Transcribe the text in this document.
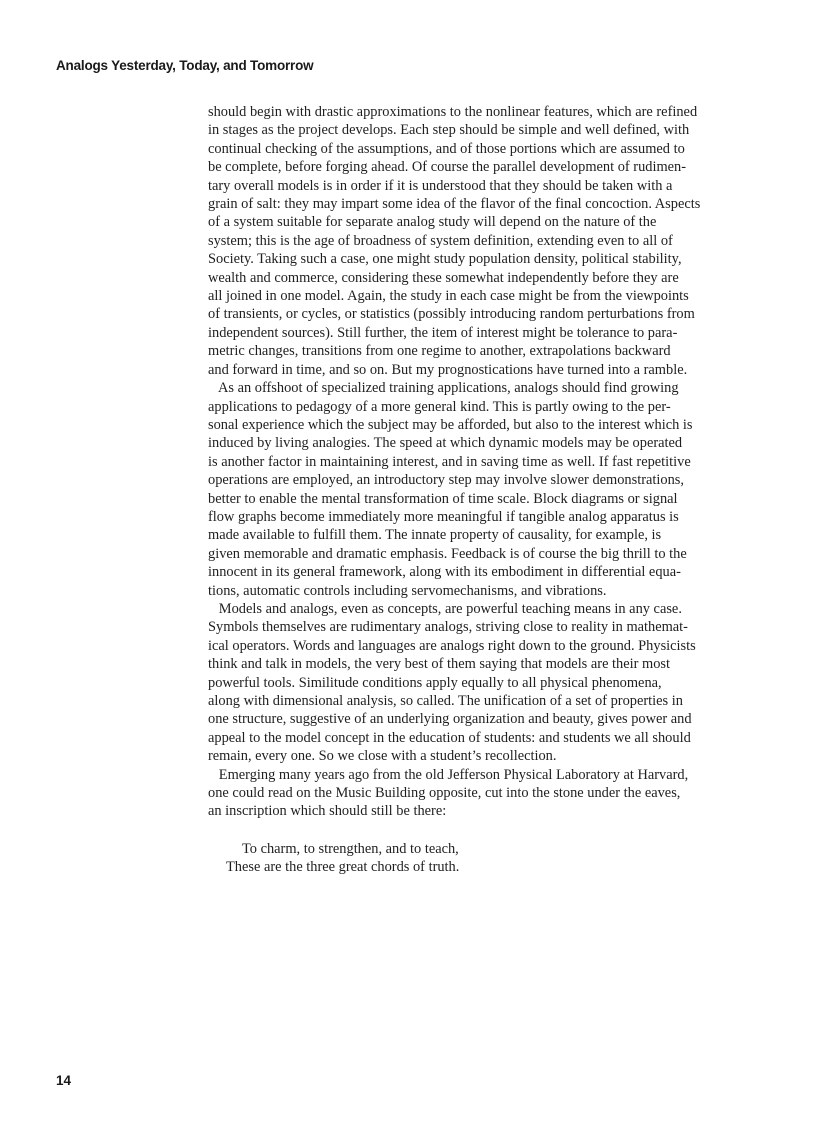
Analogs Yesterday, Today, and Tomorrow
should begin with drastic approximations to the nonlinear features, which are refined
in stages as the project develops. Each step should be simple and well defined, with
continual checking of the assumptions, and of those portions which are assumed to
be complete, before forging ahead. Of course the parallel development of rudimen-
tary overall models is in order if it is understood that they should be taken with a
grain of salt: they may impart some idea of the flavor of the final concoction. Aspects
of a system suitable for separate analog study will depend on the nature of the
system; this is the age of broadness of system definition, extending even to all of
Society. Taking such a case, one might study population density, political stability,
wealth and commerce, considering these somewhat independently before they are
all joined in one model. Again, the study in each case might be from the viewpoints
of transients, or cycles, or statistics (possibly introducing random perturbations from
independent sources). Still further, the item of interest might be tolerance to para-
metric changes, transitions from one regime to another, extrapolations backward
and forward in time, and so on. But my prognostications have turned into a ramble.
As an offshoot of specialized training applications, analogs should find growing
applications to pedagogy of a more general kind. This is partly owing to the per-
sonal experience which the subject may be afforded, but also to the interest which is
induced by living analogies. The speed at which dynamic models may be operated
is another factor in maintaining interest, and in saving time as well. If fast repetitive
operations are employed, an introductory step may involve slower demonstrations,
better to enable the mental transformation of time scale. Block diagrams or signal
flow graphs become immediately more meaningful if tangible analog apparatus is
made available to fulfill them. The innate property of causality, for example, is
given memorable and dramatic emphasis. Feedback is of course the big thrill to the
innocent in its general framework, along with its embodiment in differential equa-
tions, automatic controls including servomechanisms, and vibrations.
Models and analogs, even as concepts, are powerful teaching means in any case.
Symbols themselves are rudimentary analogs, striving close to reality in mathemat-
ical operators. Words and languages are analogs right down to the ground. Physicists
think and talk in models, the very best of them saying that models are their most
powerful tools. Similitude conditions apply equally to all physical phenomena,
along with dimensional analysis, so called. The unification of a set of properties in
one structure, suggestive of an underlying organization and beauty, gives power and
appeal to the model concept in the education of students: and students we all should
remain, every one. So we close with a student’s recollection.
Emerging many years ago from the old Jefferson Physical Laboratory at Harvard,
one could read on the Music Building opposite, cut into the stone under the eaves,
an inscription which should still be there:
To charm, to strengthen, and to teach,
These are the three great chords of truth.
14
